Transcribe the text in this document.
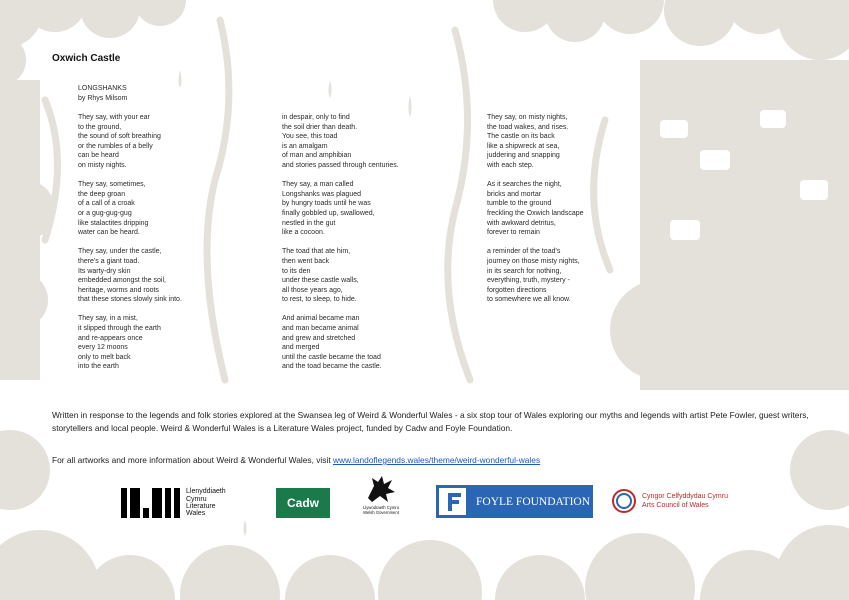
Oxwich Castle
LONGSHANKS
by Rhys Milsom

They say, with your ear
to the ground,
the sound of soft breathing
or the rumbles of a belly
can be heard
on misty nights.

They say, sometimes,
the deep groan
of a call of a croak
or a gug-gug-gug
like stalactites dripping
water can be heard.

They say, under the castle,
there's a giant toad.
Its warty-dry skin
embedded amongst the soil,
heritage, worms and roots
that these stones slowly sink into.

They say, in a mist,
it slipped through the earth
and re-appears once
every 12 moons
only to melt back
into the earth

in despair, only to find
the soil drier than death.
You see, this toad
is an amalgam
of man and amphibian
and stories passed through centuries.

They say, a man called
Longshanks was plagued
by hungry toads until he was
finally gobbled up, swallowed,
nestled in the gut
like a cocoon.

The toad that ate him,
then went back
to its den
under these castle walls,
all those years ago,
to rest, to sleep, to hide.

And animal became man
and man became animal
and grew and stretched
and merged
until the castle became the toad
and the toad became the castle.

They say, on misty nights,
the toad wakes, and rises.
The castle on its back
like a shipwreck at sea,
juddering and snapping
with each step.

As it searches the night,
bricks and mortar
tumble to the ground
freckling the Oxwich landscape
with awkward detritus,
forever to remain

a reminder of the toad's
journey on those misty nights,
in its search for nothing,
everything, truth, mystery -
forgotten directions
to somewhere we all know.

Written in response to the legends and folk stories explored at the Swansea leg of Weird & Wonderful Wales - a six stop tour of Wales exploring our myths and legends with artist Pete Fowler, guest writers, storytellers and local people. Weird & Wonderful Wales is a Literature Wales project, funded by Cadw and Foyle Foundation.
For all artworks and more information about Weird & Wonderful Wales, visit www.landoflegends.wales/theme/weird-wonderful-wales
Llenyddiaeth
Cymru
Literature
Wales
Cadw	Llywodraeth Cymru
Welsh Government
FOYLE FOUNDATION	Cyngor Celfyddydau Cymru
Arts Council of Wales
